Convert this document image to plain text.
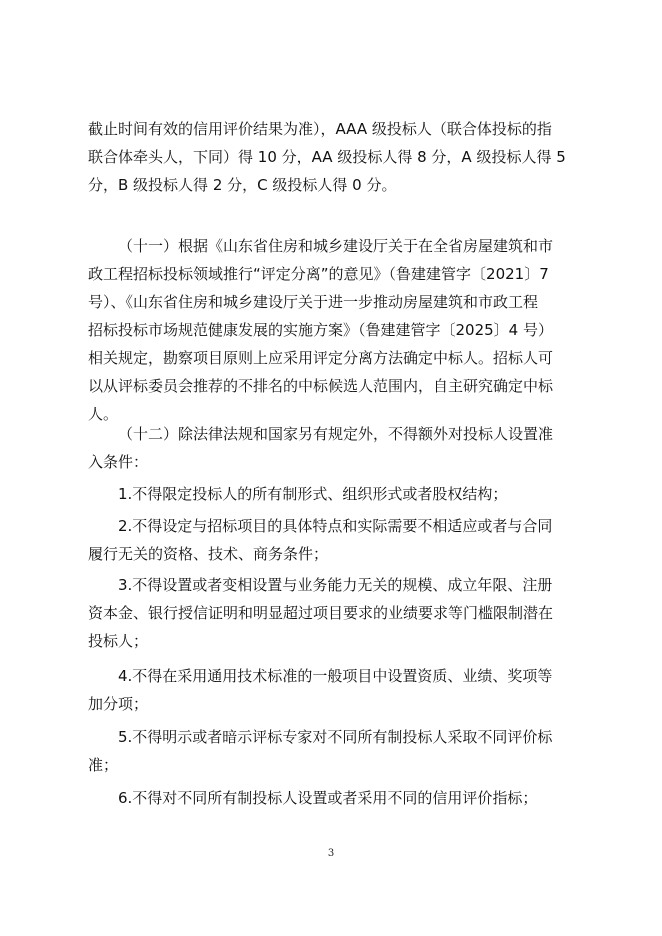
截止时间有效的信用评价结果为准），AAA 级投标人（联合体投标的指
联合体牵头人，下同）得 10 分，AA 级投标人得 8 分，A 级投标人得 5
分，B 级投标人得 2 分，C 级投标人得 0 分。

（十一）根据《山东省住房和城乡建设厅关于在全省房屋建筑和市
政工程招标投标领域推行“评定分离”的意见》（鲁建建管字〔2021〕7
号）、《山东省住房和城乡建设厅关于进一步推动房屋建筑和市政工程
招标投标市场规范健康发展的实施方案》（鲁建建管字〔2025〕4 号）
相关规定，勘察项目原则上应采用评定分离方法确定中标人。招标人可
以从评标委员会推荐的不排名的中标候选人范围内，自主研究确定中标
人。

（十二）除法律法规和国家另有规定外，不得额外对投标人设置准
入条件：

1.不得限定投标人的所有制形式、组织形式或者股权结构；

2.不得设定与招标项目的具体特点和实际需要不相适应或者与合同
履行无关的资格、技术、商务条件；

3.不得设置或者变相设置与业务能力无关的规模、成立年限、注册
资本金、银行授信证明和明显超过项目要求的业绩要求等门槛限制潜在
投标人；

4.不得在采用通用技术标准的一般项目中设置资质、业绩、奖项等
加分项；

5.不得明示或者暗示评标专家对不同所有制投标人采取不同评价标
准；

6.不得对不同所有制投标人设置或者采用不同的信用评价指标；

3
